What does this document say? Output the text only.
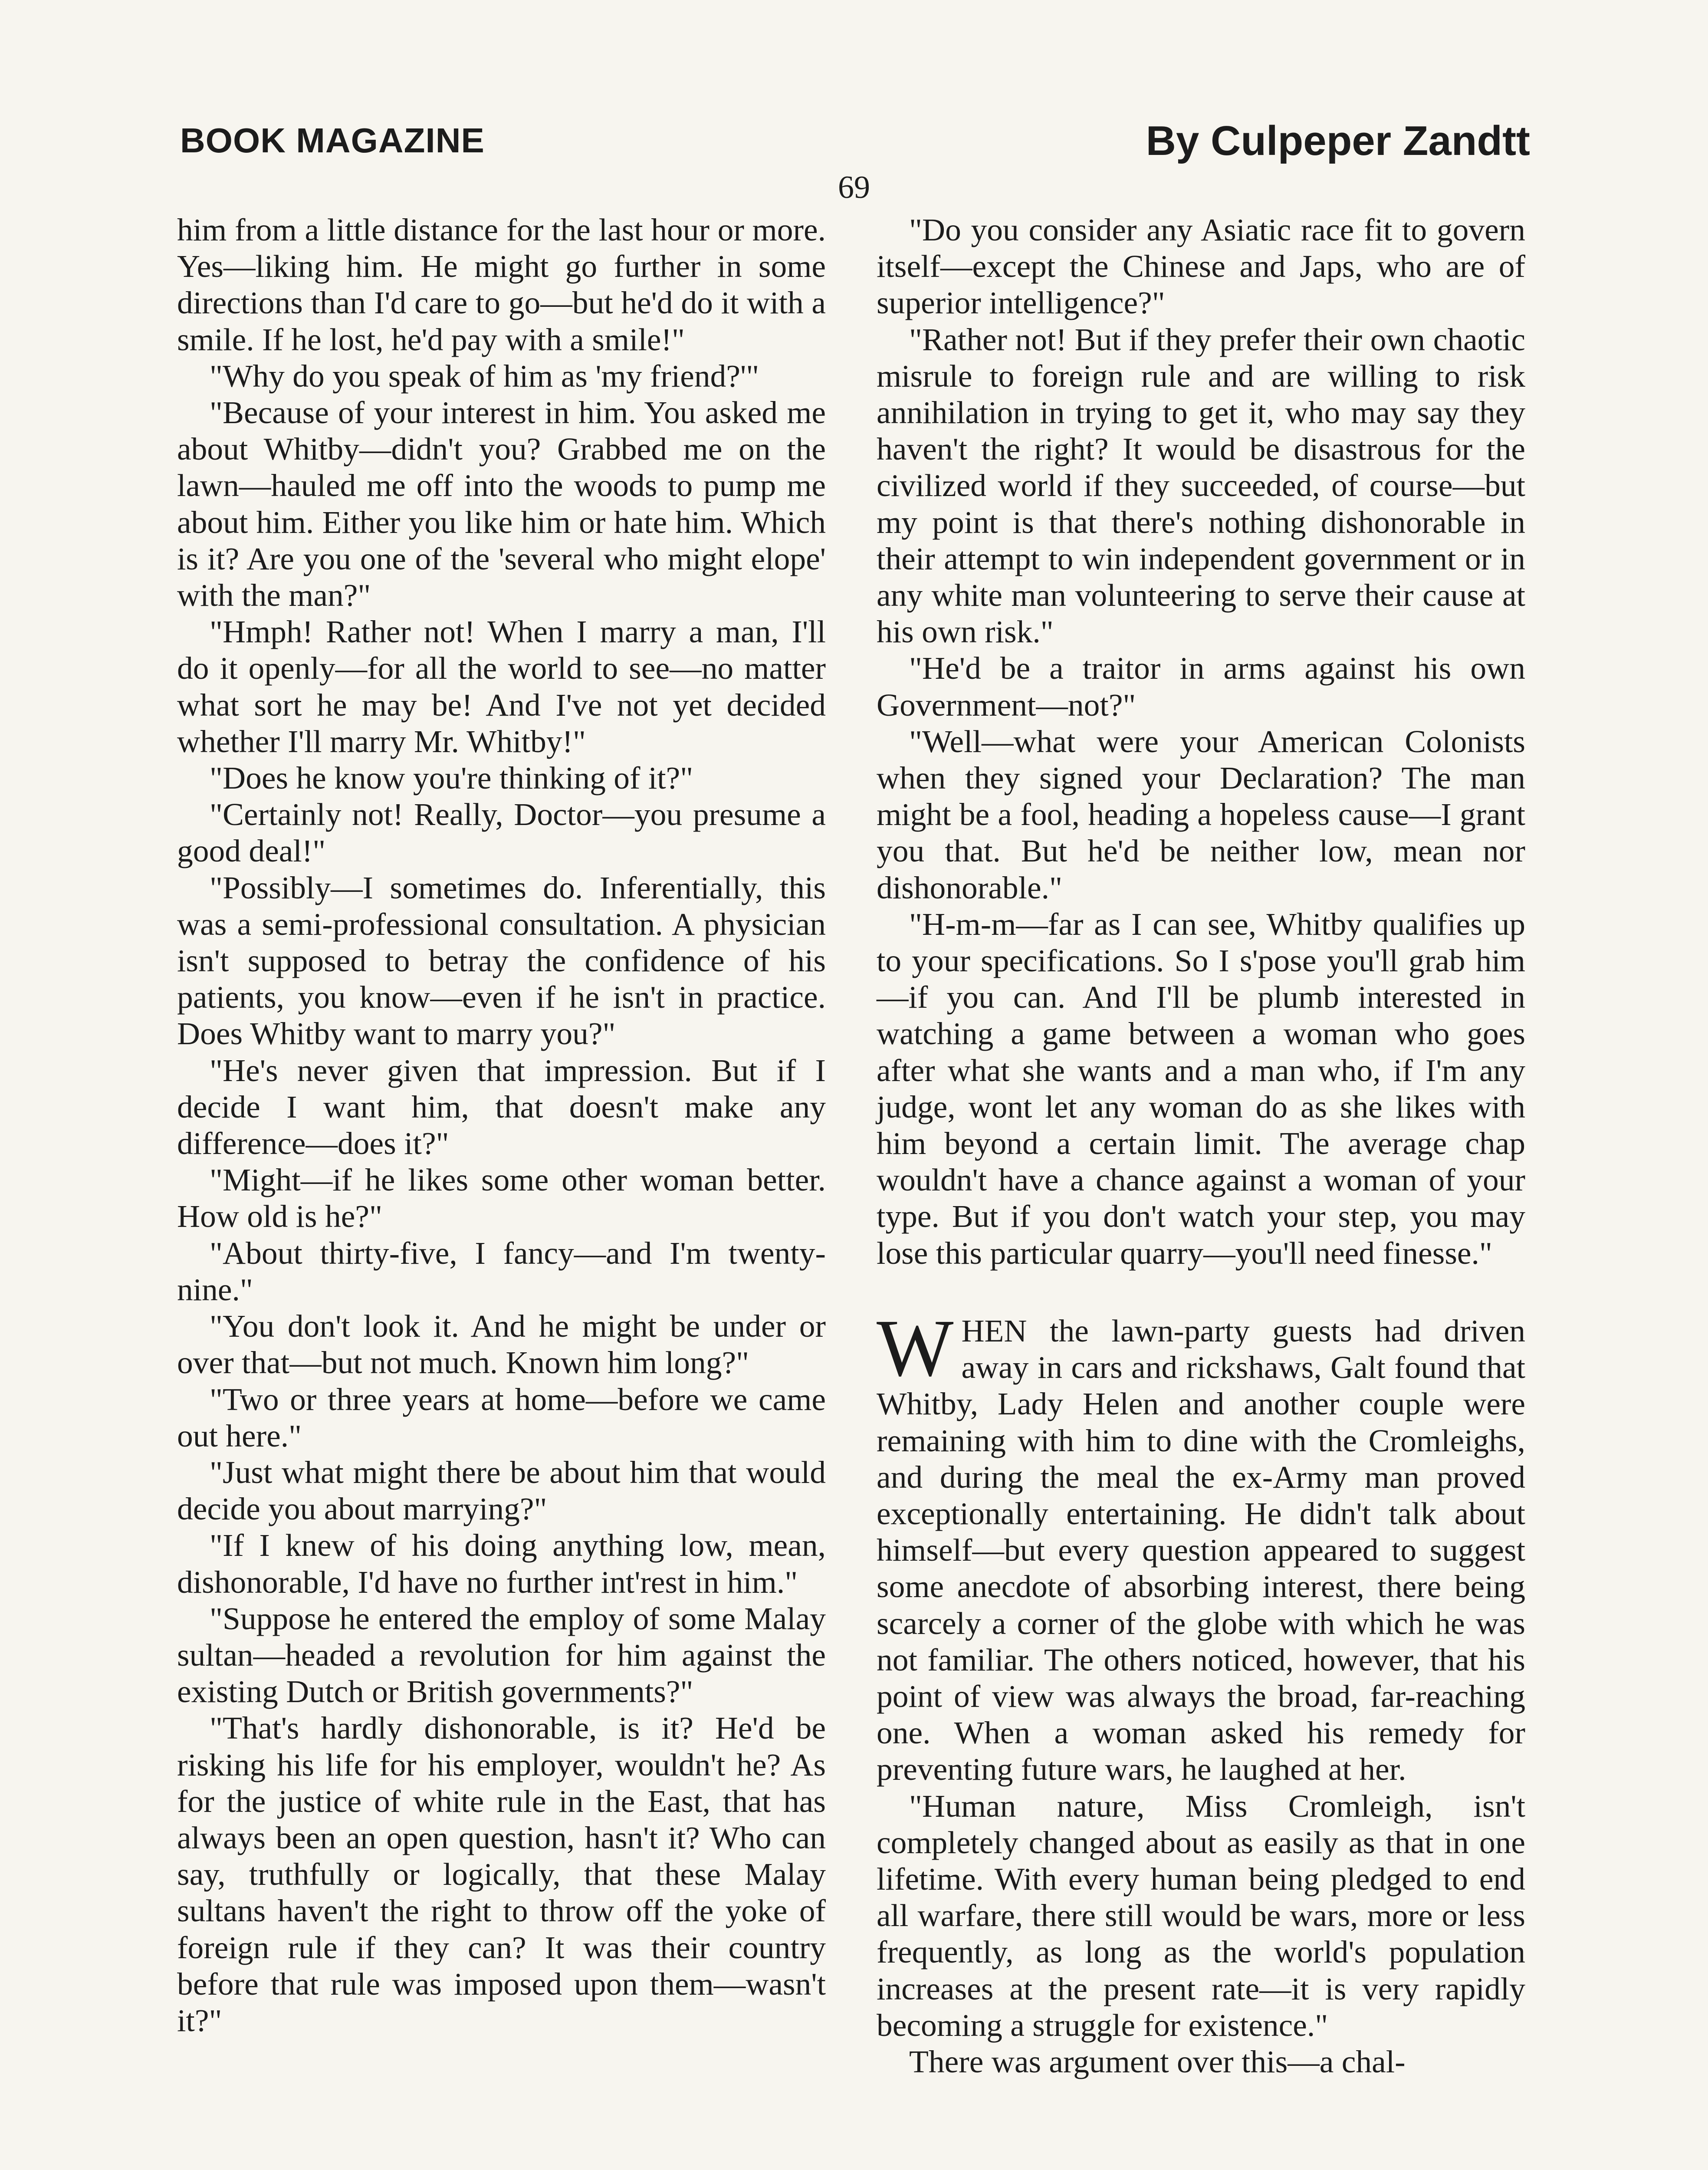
BOOK MAGAZINE	By Culpeper Zandtt
69

him from a little distance for the last hour or more. Yes—liking him. He might go further in some directions than I'd care to go—but he'd do it with a smile. If he lost, he'd pay with a smile!"

"Why do you speak of him as 'my friend?'"

"Because of your interest in him. You asked me about Whitby—didn't you? Grabbed me on the lawn—hauled me off into the woods to pump me about him. Either you like him or hate him. Which is it? Are you one of the 'several who might elope' with the man?"

"Hmph! Rather not! When I marry a man, I'll do it openly—for all the world to see—no matter what sort he may be! And I've not yet decided whether I'll marry Mr. Whitby!"

"Does he know you're thinking of it?"

"Certainly not! Really, Doctor—you presume a good deal!"

"Possibly—I sometimes do. Inferentially, this was a semi-professional consultation. A physician isn't supposed to betray the confidence of his patients, you know—even if he isn't in practice. Does Whitby want to marry you?"

"He's never given that impression. But if I decide I want him, that doesn't make any difference—does it?"

"Might—if he likes some other woman better. How old is he?"

"About thirty-five, I fancy—and I'm twenty-nine."

"You don't look it. And he might be under or over that—but not much. Known him long?"

"Two or three years at home—before we came out here."

"Just what might there be about him that would decide you about marrying?"

"If I knew of his doing anything low, mean, dishonorable, I'd have no further int'rest in him."

"Suppose he entered the employ of some Malay sultan—headed a revolution for him against the existing Dutch or British governments?"

"That's hardly dishonorable, is it? He'd be risking his life for his employer, wouldn't he? As for the justice of white rule in the East, that has always been an open question, hasn't it? Who can say, truthfully or logically, that these Malay sultans haven't the right to throw off the yoke of foreign rule if they can? It was their country before that rule was imposed upon them—wasn't it?"

"Do you consider any Asiatic race fit to govern itself—except the Chinese and Japs, who are of superior intelligence?"

"Rather not! But if they prefer their own chaotic misrule to foreign rule and are willing to risk annihilation in trying to get it, who may say they haven't the right? It would be disastrous for the civilized world if they succeeded, of course—but my point is that there's nothing dishonorable in their attempt to win independent government or in any white man volunteering to serve their cause at his own risk."

"He'd be a traitor in arms against his own Government—not?"

"Well—what were your American Colonists when they signed your Declaration? The man might be a fool, heading a hopeless cause—I grant you that. But he'd be neither low, mean nor dishonorable."

"H-m-m—far as I can see, Whitby qualifies up to your specifications. So I s'pose you'll grab him—if you can. And I'll be plumb interested in watching a game between a woman who goes after what she wants and a man who, if I'm any judge, wont let any woman do as she likes with him beyond a certain limit. The average chap wouldn't have a chance against a woman of your type. But if you don't watch your step, you may lose this particular quarry—you'll need finesse."

WHEN the lawn-party guests had driven away in cars and rickshaws, Galt found that Whitby, Lady Helen and another couple were remaining with him to dine with the Cromleighs, and during the meal the ex-Army man proved exceptionally entertaining. He didn't talk about himself—but every question appeared to suggest some anecdote of absorbing interest, there being scarcely a corner of the globe with which he was not familiar. The others noticed, however, that his point of view was always the broad, far-reaching one. When a woman asked his remedy for preventing future wars, he laughed at her.

"Human nature, Miss Cromleigh, isn't completely changed about as easily as that in one lifetime. With every human being pledged to end all warfare, there still would be wars, more or less frequently, as long as the world's population increases at the present rate—it is very rapidly becoming a struggle for existence."

There was argument over this—a chal-
